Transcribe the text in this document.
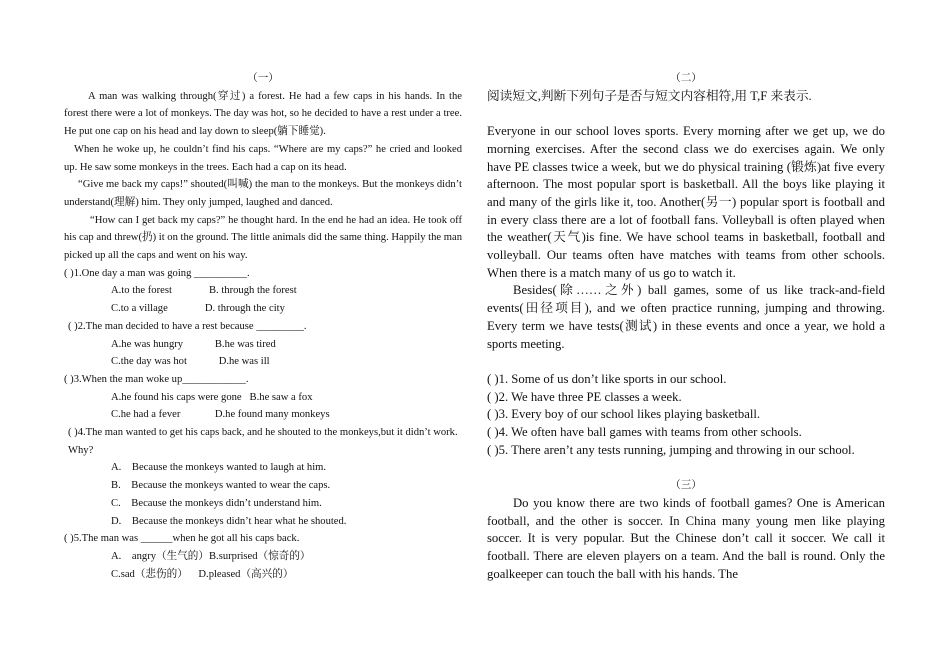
（一）

A man was walking through(穿过) a forest. He had a few caps in his hands. In the forest there were a lot of monkeys. The day was hot, so he decided to have a rest under a tree. He put one cap on his head and lay down to sleep(躺下睡觉).

When he woke up, he couldn’t find his caps. “Where are my caps?” he cried and looked up. He saw some monkeys in the trees. Each had a cap on its head.

“Give me back my caps!” shouted(叫喊) the man to the monkeys. But the monkeys didn’t understand(理解) him. They only jumped, laughed and danced.

“How can I get back my caps?” he thought hard. In the end he had an idea. He took off his cap and threw(扔) it on the ground. The little animals did the same thing. Happily the man picked up all the caps and went on his way.

( )1.One day a man was going __________.

A.to the forest              B. through the forest
C.to a village              D. through the city

( )2.The man decided to have a rest because _________.

A.he was hungry            B.he was tired
C.the day was hot            D.he was ill

( )3.When the man woke up____________.

A.he found his caps were gone   B.he saw a fox
C.he had a fever             D.he found many monkeys

( )4.The man wanted to get his caps back, and he shouted to the monkeys,but it didn’t work. Why?

A.    Because the monkeys wanted to laugh at him.
B.    Because the monkeys wanted to wear the caps.
C.    Because the monkeys didn’t understand him.
D.    Because the monkeys didn’t hear what he shouted.

( )5.The man was ______when he got all his caps back.

A.    angry（生气的）B.surprised（惊奇的）
C.sad（悲伤的）    D.pleased（高兴的）
（二）

阅读短文,判断下列句子是否与短文内容相符,用 T,F 来表示.

Everyone in our school loves sports. Every morning after we get up, we do morning exercises. After the second class we do exercises again. We only have PE classes twice a week, but we do physical training (锻炼)at five every afternoon. The most popular sport is basketball. All the boys like playing it and many of the girls like it, too. Another(另一) popular sport is football and in every class there are a lot of football fans. Volleyball is often played when the weather(天气)is fine. We have school teams in basketball, football and volleyball. Our teams often have matches with teams from other schools. When there is a match many of us go to watch it.

Besides(除……之外) ball games, some of us like track-and-field events(田径项目), and we often practice running, jumping and throwing. Every term we have tests(测试) in these events and once a year, we hold a sports meeting.

( )1. Some of us don’t like sports in our school.

( )2. We have three PE classes a week.

( )3. Every boy of our school likes playing basketball.

( )4. We often have ball games with teams from other schools.

( )5. There aren’t any tests running, jumping and throwing in our school.

（三）

Do you know there are two kinds of football games? One is American football, and the other is soccer. In China many young men like playing soccer. It is very popular. But the Chinese don’t call it soccer. We call it football. There are eleven players on a team. And the ball is round. Only the goalkeeper can touch the ball with his hands. The
